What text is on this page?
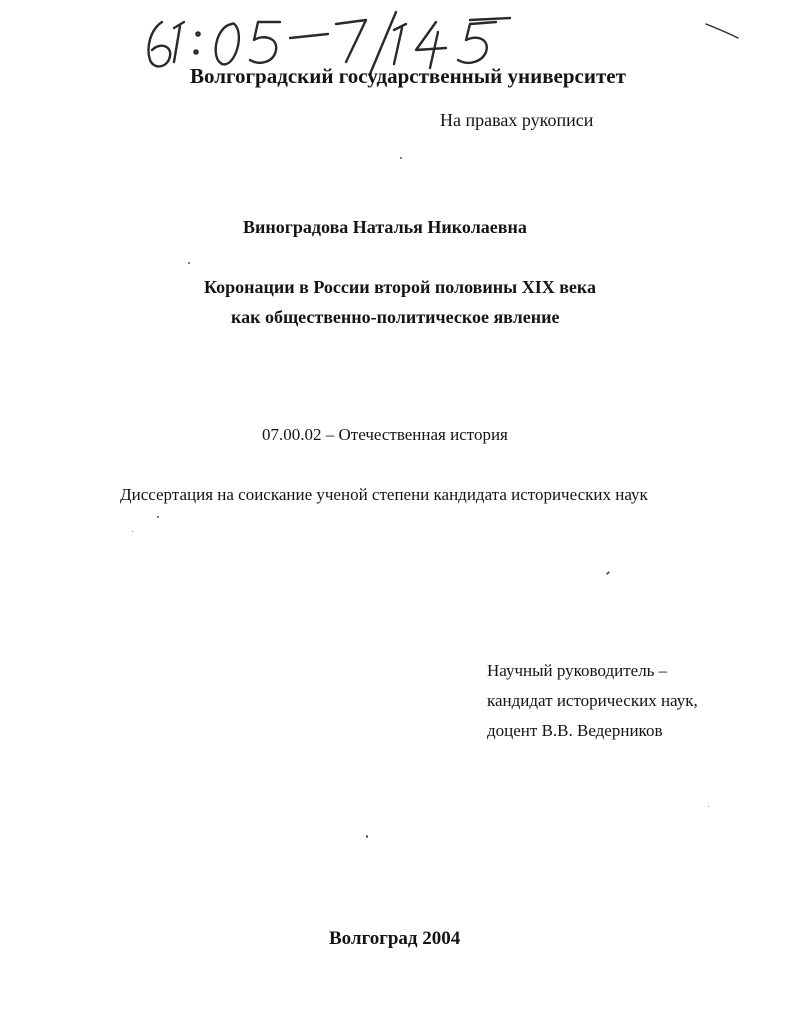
Волгоградский государственный университет
На правах рукописи
Виноградова Наталья Николаевна
Коронации в России второй половины XIX века
как общественно-политическое явление
07.00.02 – Отечественная история
Диссертация на соискание ученой степени кандидата исторических наук
Научный руководитель –
кандидат исторических наук,
доцент В.В. Ведерников
Волгоград 2004
